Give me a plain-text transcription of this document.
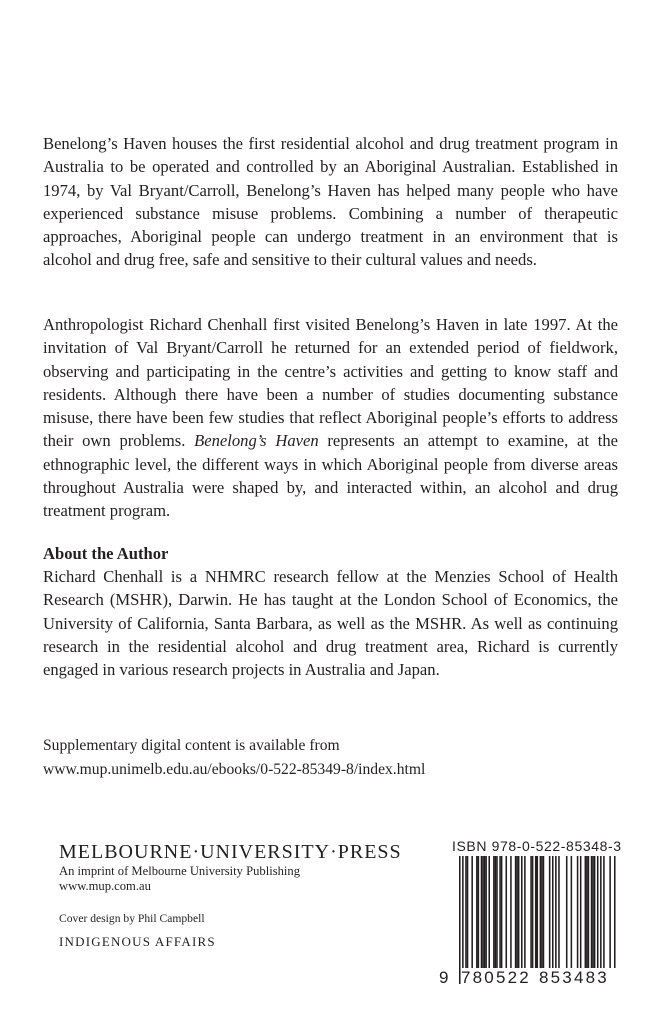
Benelong’s Haven houses the first residential alcohol and drug treatment program in Australia to be operated and controlled by an Aboriginal Australian. Established in 1974, by Val Bryant/Carroll, Benelong’s Haven has helped many people who have experienced substance misuse problems. Combining a number of therapeutic approaches, Aboriginal people can undergo treatment in an environment that is alcohol and drug free, safe and sensitive to their cultural values and needs.

Anthropologist Richard Chenhall first visited Benelong’s Haven in late 1997. At the invitation of Val Bryant/Carroll he returned for an extended period of fieldwork, observing and participating in the centre’s activities and getting to know staff and residents. Although there have been a number of studies documenting substance misuse, there have been few studies that reflect Aboriginal people’s efforts to address their own problems. Benelong’s Haven represents an attempt to examine, at the ethnographic level, the different ways in which Aboriginal people from diverse areas throughout Australia were shaped by, and interacted within, an alcohol and drug treatment program.

About the Author

Richard Chenhall is a NHMRC research fellow at the Menzies School of Health Research (MSHR), Darwin. He has taught at the London School of Economics, the University of California, Santa Barbara, as well as the MSHR. As well as continuing research in the residential alcohol and drug treatment area, Richard is currently engaged in various research projects in Australia and Japan.

Supplementary digital content is available from

www.mup.unimelb.edu.au/ebooks/0-522-85349-8/index.html

MELBOURNE·UNIVERSITY·PRESS
An imprint of Melbourne University Publishing
www.mup.com.au
Cover design by Phil Campbell
INDIGENOUS AFFAIRS
ISBN 978-0-522-85348-3
9 780522 853483
